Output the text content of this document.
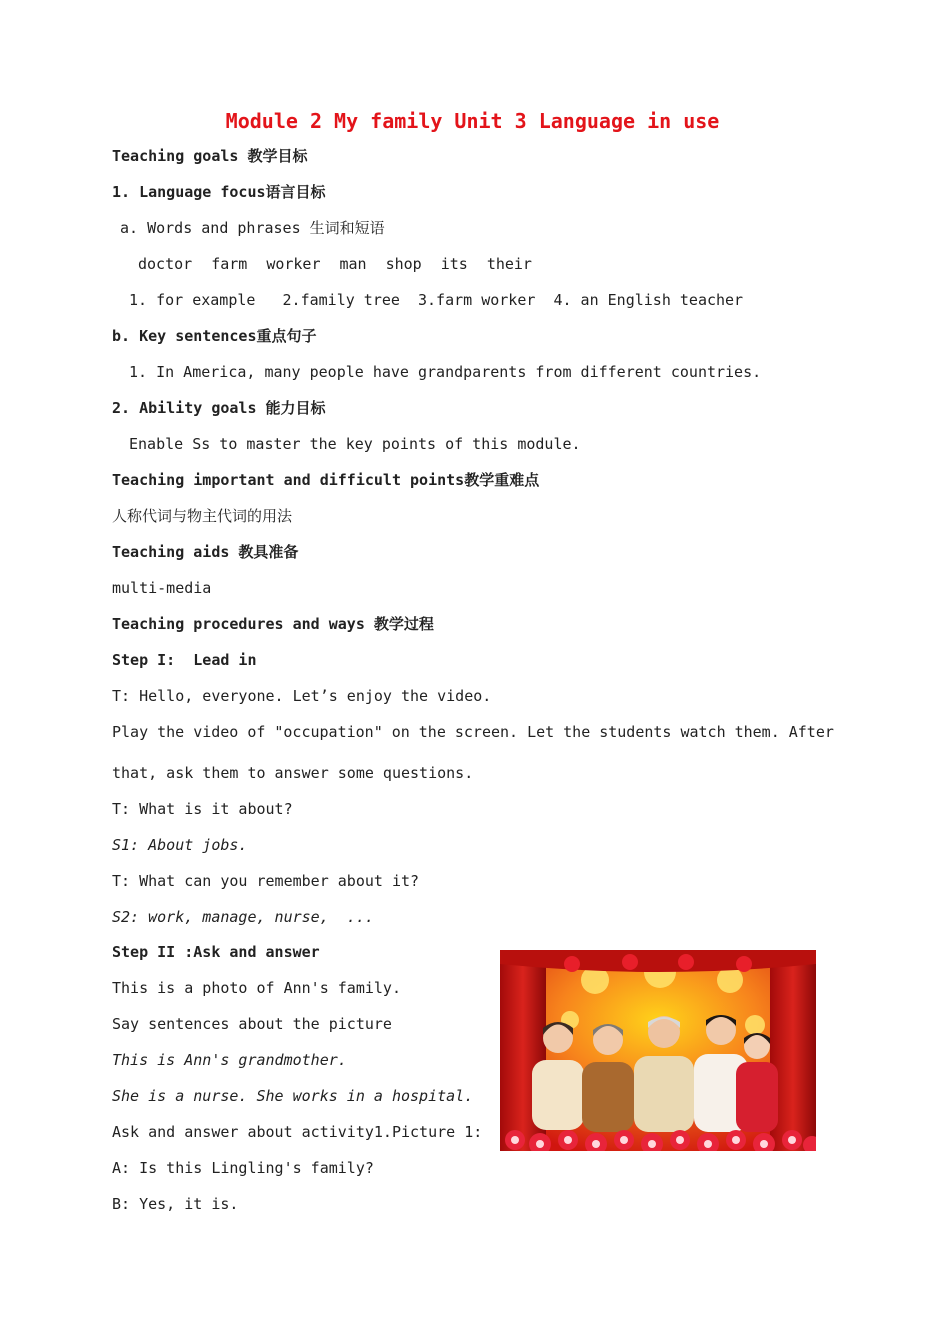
Module 2 My family Unit 3 Language in use
Teaching goals 教学目标
1. Language focus语言目标
a. Words and phrases 生词和短语
doctor farm worker man shop its their
1. for example   2.family tree  3.farm worker  4. an English teacher
b. Key sentences重点句子
1. In America, many people have grandparents from different countries.
2. Ability goals 能力目标
Enable Ss to master the key points of this module.
Teaching important and difficult points教学重难点
人称代词与物主代词的用法
Teaching aids 教具准备
multi-media
Teaching procedures and ways 教学过程
Step I:  Lead in
T: Hello, everyone. Let’s enjoy the video.
Play the video of "occupation" on the screen. Let the students watch them. After
that, ask them to answer some questions.
T: What is it about?
S1: About jobs.
T: What can you remember about it?
S2: work, manage, nurse,  ...
Step II :Ask and answer
This is a photo of Ann's family.
Say sentences about the picture
This is Ann's grandmother.
She is a nurse. She works in a hospital.
Ask and answer about activity1.Picture 1:
A: Is this Lingling's family?
B: Yes, it is.
